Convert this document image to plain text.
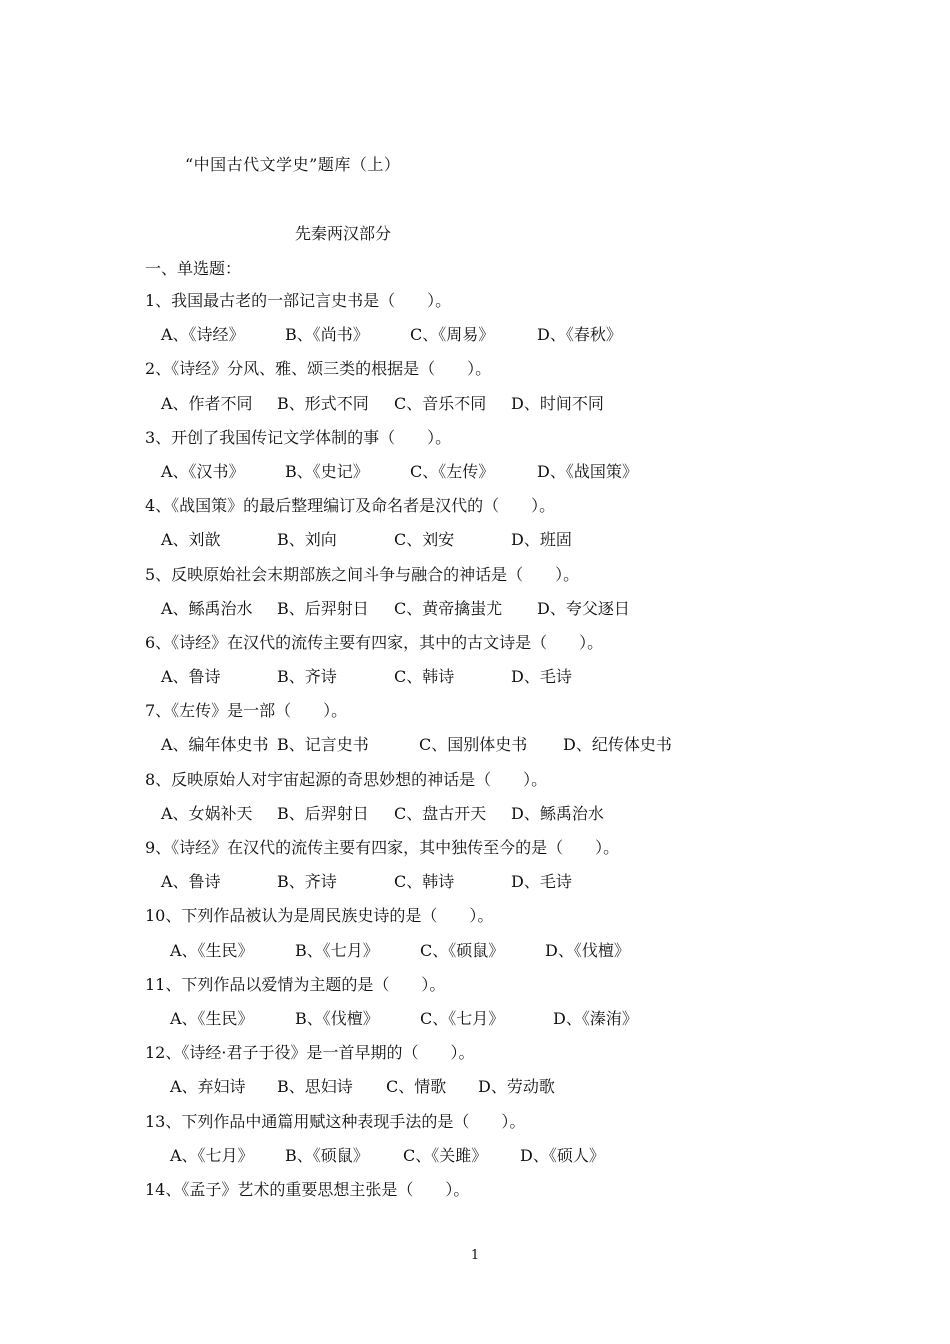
“中国古代文学史”题库（上）
先秦两汉部分
一、单选题：
1、我国最古老的一部记言史书是（　　）。
A、《诗经》	B、《尚书》	C、《周易》	D、《春秋》
2、《诗经》分风、雅、颂三类的根据是（　　）。
A、作者不同 B、形式不同 C、音乐不同 D、时间不同
3、开创了我国传记文学体制的事（　　）。
A、《汉书》	B、《史记》	C、《左传》	D、《战国策》
4、《战国策》的最后整理编订及命名者是汉代的（　　）。
A、刘歆	B、刘向	C、刘安	D、班固
5、反映原始社会末期部族之间斗争与融合的神话是（　　）。
A、鲧禹治水 B、后羿射日 C、黄帝擒蚩尤 D、夸父逐日
6、《诗经》在汉代的流传主要有四家，其中的古文诗是（　　）。
A、鲁诗	B、齐诗	C、韩诗	D、毛诗
7、《左传》是一部（　　）。
A、编年体史书 B、记言史书	C、国别体史书 D、纪传体史书
8、反映原始人对宇宙起源的奇思妙想的神话是（　　）。
A、女娲补天 B、后羿射日 C、盘古开天 D、鲧禹治水
9、《诗经》在汉代的流传主要有四家，其中独传至今的是（　　）。
A、鲁诗	B、齐诗	C、韩诗	D、毛诗
10、下列作品被认为是周民族史诗的是（　　）。
A、《生民》	B、《七月》	C、《硕鼠》	D、《伐檀》
11、下列作品以爱情为主题的是（　　）。
A、《生民》	B、《伐檀》	C、《七月》	D、《溱洧》
12、《诗经·君子于役》是一首早期的（　　）。
A、弃妇诗 B、思妇诗 C、情歌 D、劳动歌
13、下列作品中通篇用赋这种表现手法的是（　　）。
A、《七月》 B、《硕鼠》 C、《关雎》 D、《硕人》
14、《孟子》艺术的重要思想主张是（　　）。
1
